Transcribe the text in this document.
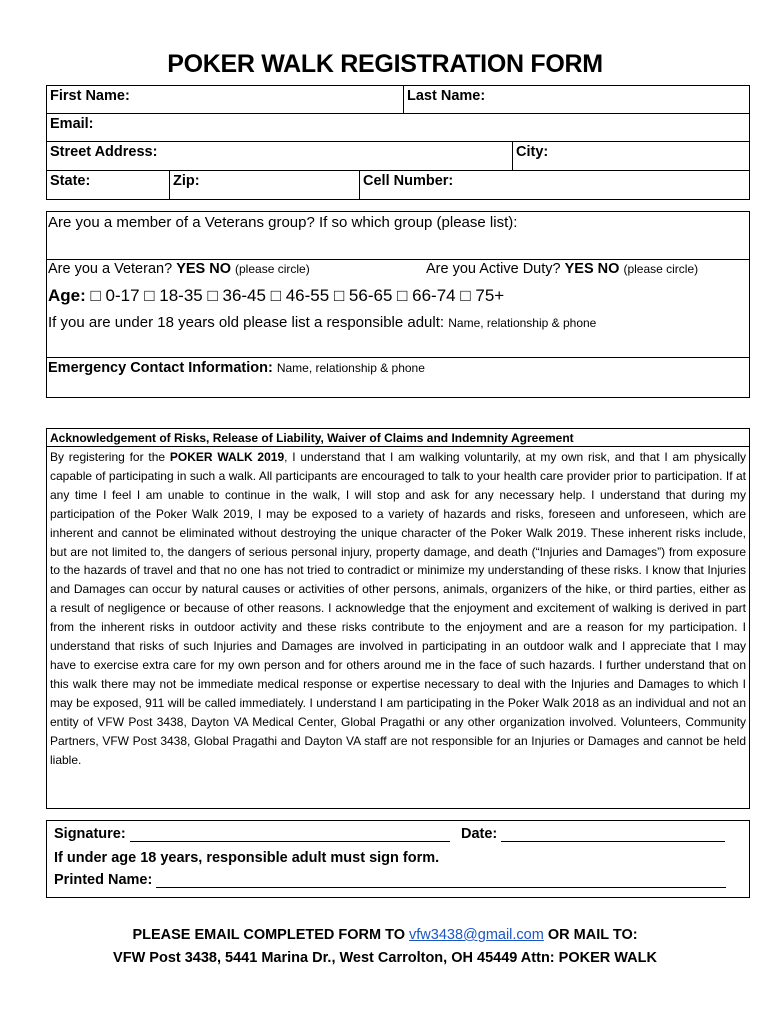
POKER WALK REGISTRATION FORM
First Name:	Last Name:
Email:
Street Address:	City:
State:	Zip:	Cell Number:
Are you a member of a Veterans group? If so which group (please list):
Are you a Veteran? YES NO (please circle)	Are you Active Duty? YES NO (please circle)
Age: □ 0-17 □ 18-35 □ 36-45 □ 46-55 □ 56-65 □ 66-74 □ 75+
If you are under 18 years old please list a responsible adult: Name, relationship & phone
Emergency Contact Information: Name, relationship & phone
Acknowledgement of Risks, Release of Liability, Waiver of Claims and Indemnity Agreement
By registering for the POKER WALK 2019, I understand that I am walking voluntarily, at my own risk, and that I am physically capable of participating in such a walk. All participants are encouraged to talk to your health care provider prior to participation. If at any time I feel I am unable to continue in the walk, I will stop and ask for any necessary help. I understand that during my participation of the Poker Walk 2019, I may be exposed to a variety of hazards and risks, foreseen and unforeseen, which are inherent and cannot be eliminated without destroying the unique character of the Poker Walk 2019. These inherent risks include, but are not limited to, the dangers of serious personal injury, property damage, and death (“Injuries and Damages”) from exposure to the hazards of travel and that no one has not tried to contradict or minimize my understanding of these risks. I know that Injuries and Damages can occur by natural causes or activities of other persons, animals, organizers of the hike, or third parties, either as a result of negligence or because of other reasons. I acknowledge that the enjoyment and excitement of walking is derived in part from the inherent risks in outdoor activity and these risks contribute to the enjoyment and are a reason for my participation. I understand that risks of such Injuries and Damages are involved in participating in an outdoor walk and I appreciate that I may have to exercise extra care for my own person and for others around me in the face of such hazards. I further understand that on this walk there may not be immediate medical response or expertise necessary to deal with the Injuries and Damages to which I may be exposed, 911 will be called immediately. I understand I am participating in the Poker Walk 2018 as an individual and not an entity of VFW Post 3438, Dayton VA Medical Center, Global Pragathi or any other organization involved. Volunteers, Community Partners, VFW Post 3438, Global Pragathi and Dayton VA staff are not responsible for an Injuries or Damages and cannot be held liable.
Signature:	Date:
If under age 18 years, responsible adult must sign form.
Printed Name:
PLEASE EMAIL COMPLETED FORM TO vfw3438@gmail.com OR MAIL TO:
VFW Post 3438, 5441 Marina Dr., West Carrolton, OH 45449 Attn: POKER WALK
